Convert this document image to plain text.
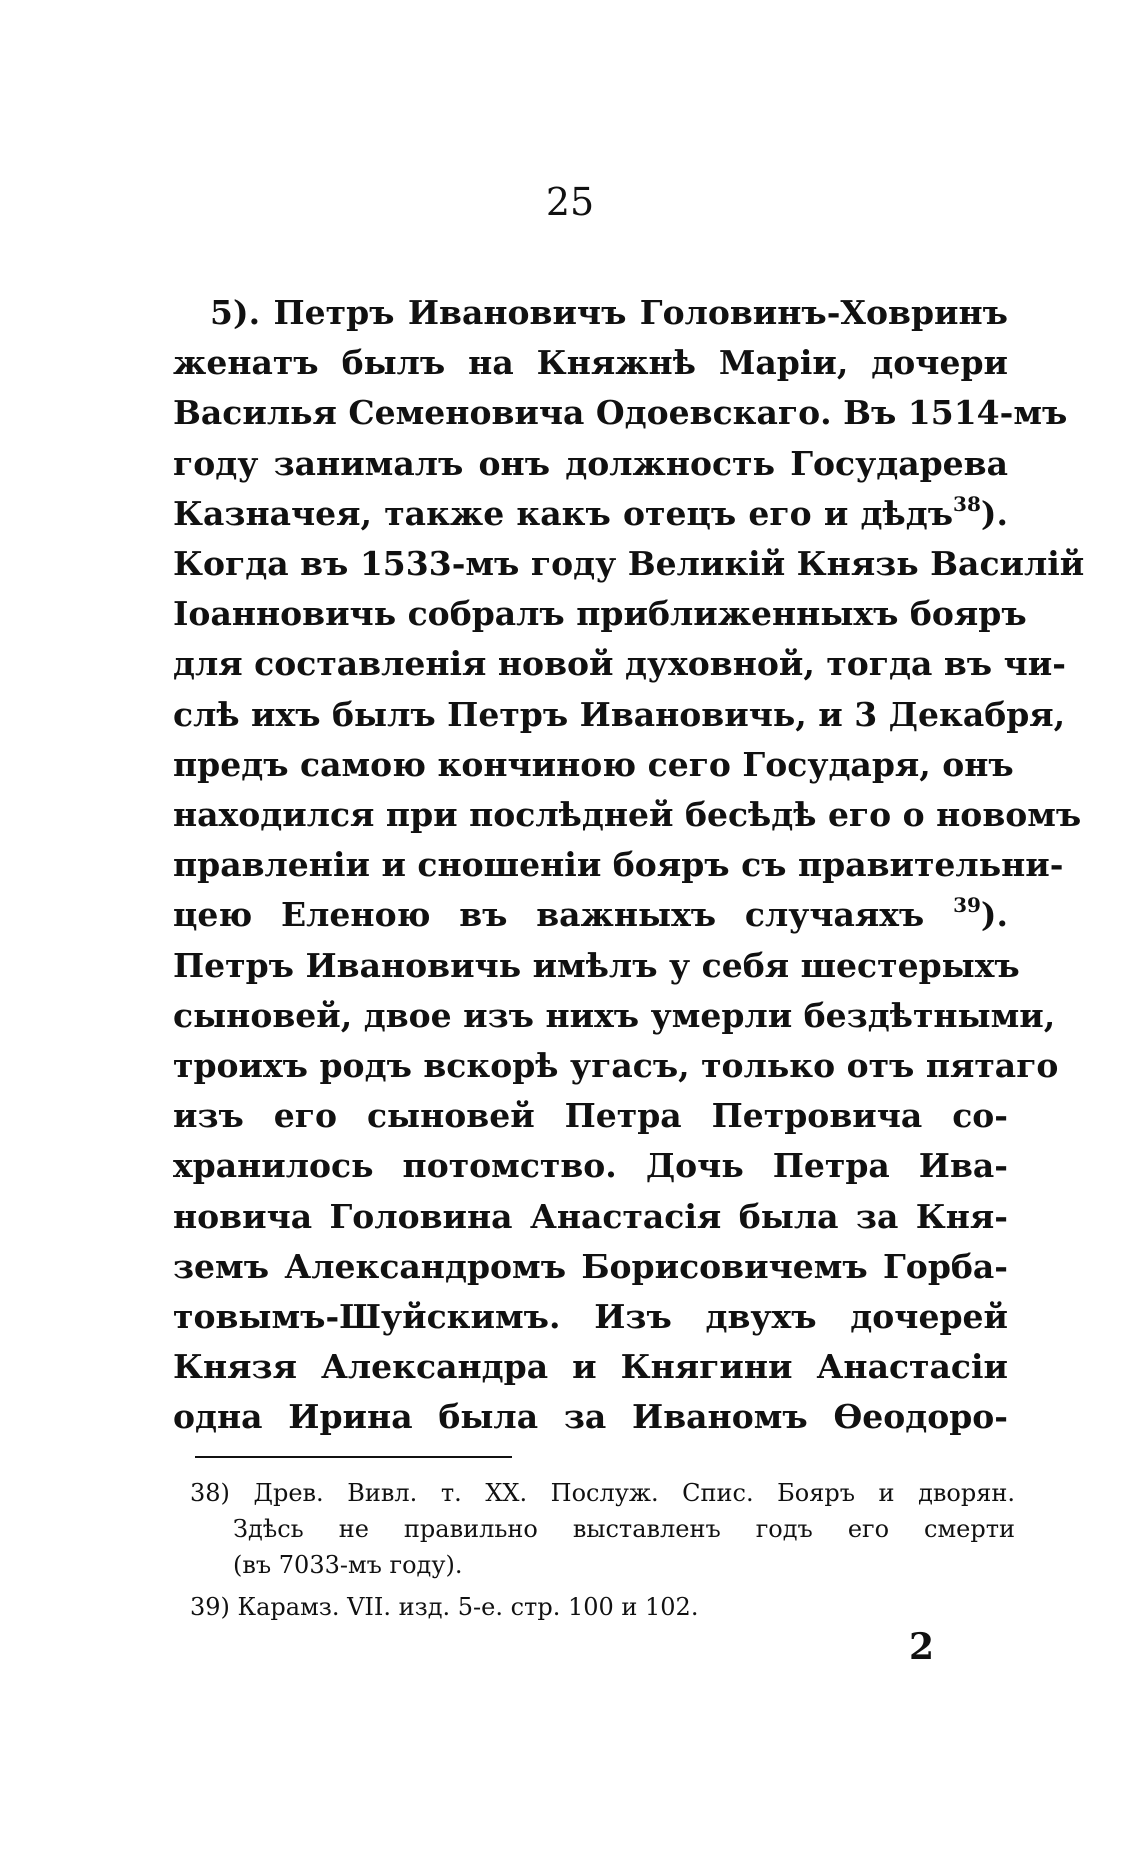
25
5). Петръ Ивановичъ Головинъ-Ховринъ
женатъ былъ на Княжнѣ Маріи, дочери
Василья Семеновича Одоевскаго. Въ 1514-мъ
году занималъ онъ должность Государева
Казначея, также какъ отецъ его и дѣдъ$^{38}$).
Когда въ 1533-мъ году Великій Князь Василій
Іоанновичь собралъ приближенныхъ бояръ
для составленія новой духовной, тогда въ чи-
слѣ ихъ былъ Петръ Ивановичь, и 3 Декабря,
предъ самою кончиною сего Государя, онъ
находился при послѣдней бесѣдѣ его о новомъ
правленіи и сношеніи бояръ съ правительни-
цею Еленою въ важныхъ случаяхъ $^{39}$).
Петръ Ивановичь имѣлъ у себя шестерыхъ
сыновей, двое изъ нихъ умерли бездѣтными,
троихъ родъ вскорѣ угасъ, только отъ пятаго
изъ его сыновей Петра Петровича со-
хранилось потомство. Дочь Петра Ива-
новича Головина Анастасія была за Кня-
земъ Александромъ Борисовичемъ Горба-
товымъ-Шуйскимъ. Изъ двухъ дочерей
Князя Александра и Княгини Анастасіи
одна Ирина была за Иваномъ Өеодоро-
38) Древ. Вивл. т. XX. Послуж. Спис. Бояръ и дворян.
Здѣсь не правильно выставленъ годъ его смерти
(въ 7033-мъ году).
39) Карамз. VII. изд. 5-е. стр. 100 и 102.
2
